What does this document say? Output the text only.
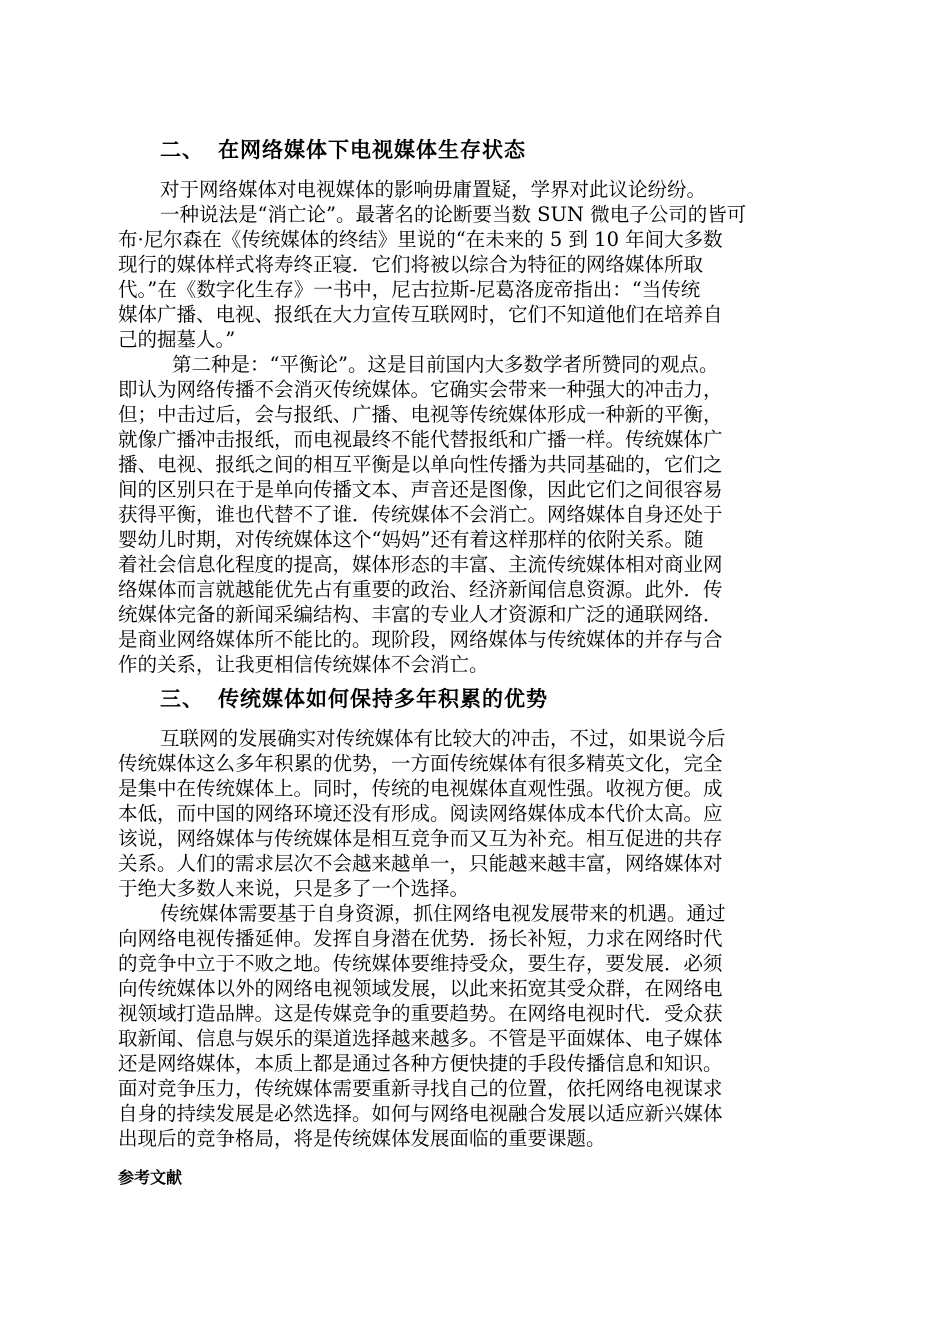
二、 在网络媒体下电视媒体生存状态
对于网络媒体对电视媒体的影响毋庸置疑，学界对此议论纷纷。
一种说法是“消亡论”。最著名的论断要当数 SUN 微电子公司的皆可
布·尼尔森在《传统媒体的终结》里说的“在未来的 5 到 10 年间大多数
现行的媒体样式将寿终正寝．它们将被以综合为特征的网络媒体所取
代。”在《数字化生存》一书中，尼古拉斯-尼葛洛庞帝指出：“当传统
媒体广播、电视、报纸在大力宣传互联网时，它们不知道他们在培养自
己的掘墓人。”
第二种是：“平衡论”。这是目前国内大多数学者所赞同的观点。
即认为网络传播不会消灭传统媒体。它确实会带来一种强大的冲击力，
但；中击过后，会与报纸、广播、电视等传统媒体形成一种新的平衡，
就像广播冲击报纸，而电视最终不能代替报纸和广播一样。传统媒体广
播、电视、报纸之间的相互平衡是以单向性传播为共同基础的，它们之
间的区别只在于是单向传播文本、声音还是图像，因此它们之间很容易
获得平衡，谁也代替不了谁．传统媒体不会消亡。网络媒体自身还处于
婴幼儿时期，对传统媒体这个“妈妈”还有着这样那样的依附关系。随
着社会信息化程度的提高，媒体形态的丰富、主流传统媒体相对商业网
络媒体而言就越能优先占有重要的政治、经济新闻信息资源。此外．传
统媒体完备的新闻采编结构、丰富的专业人才资源和广泛的通联网络．
是商业网络媒体所不能比的。现阶段，网络媒体与传统媒体的并存与合
作的关系，让我更相信传统媒体不会消亡。
三、 传统媒体如何保持多年积累的优势
互联网的发展确实对传统媒体有比较大的冲击，不过，如果说今后
传统媒体这么多年积累的优势，一方面传统媒体有很多精英文化，完全
是集中在传统媒体上。同时，传统的电视媒体直观性强。收视方便。成
本低，而中国的网络环境还没有形成。阅读网络媒体成本代价太高。应
该说，网络媒体与传统媒体是相互竞争而又互为补充。相互促进的共存
关系。人们的需求层次不会越来越单一，只能越来越丰富，网络媒体对
于绝大多数人来说，只是多了一个选择。
传统媒体需要基于自身资源，抓住网络电视发展带来的机遇。通过
向网络电视传播延伸。发挥自身潜在优势．扬长补短，力求在网络时代
的竞争中立于不败之地。传统媒体要维持受众，要生存，要发展．必须
向传统媒体以外的网络电视领域发展，以此来拓宽其受众群，在网络电
视领域打造品牌。这是传媒竞争的重要趋势。在网络电视时代．受众获
取新闻、信息与娱乐的渠道选择越来越多。不管是平面媒体、电子媒体
还是网络媒体，本质上都是通过各种方便快捷的手段传播信息和知识。
面对竞争压力，传统媒体需要重新寻找自己的位置，依托网络电视谋求
自身的持续发展是必然选择。如何与网络电视融合发展以适应新兴媒体
出现后的竞争格局，将是传统媒体发展面临的重要课题。
参考文献
